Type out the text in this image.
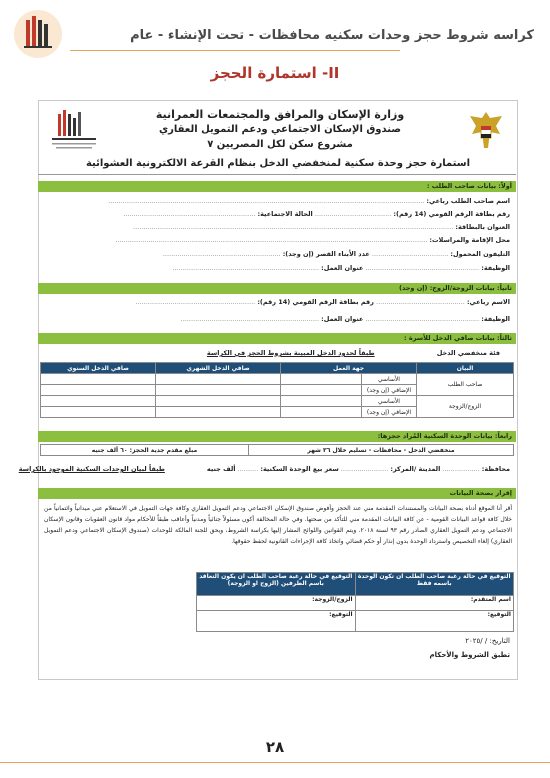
كراسه شروط حجز وحدات سكنيه محافظات - تحت الإنشاء - عام
II- استمارة الحجز
وزارة الإسكان والمرافق والمجتمعات العمرانية
صندوق الإسكان الاجتماعي ودعم التمويل العقاري
مشروع سكن لكل المصريين ٧
استمارة حجز وحدة سكنية لمنخفضي الدخل بنظام القرعة الالكترونية العشوائية
أولاً: بيانات صاحب الطلب :
اسم صاحب الطلب رباعي: .........................................................................................................................................................
رقم بطاقة الرقم القومي (14 رقم): ..................................... الحالة الاجتماعية: ................................................................
العنوان بالبطاقة: ...........................................................................................................................................................
محل الإقامة والمراسلات: .......................................................................................................................................................
التليفون المحمول: ..................................... عدد الأبناء القصر (إن وجد): .........................................................
الوظيفة: ....................................................... عنوان العمل: .......................................................................
ثانياً: بيانات الزوجة/الزوج: (إن وجد)
الاسم رباعي: ........................................... رقم بطاقة الرقم القومي (14 رقم): ..........................................................
الوظيفة: ....................................................... عنوان العمل: ...................................................................
ثالثاً: بيانات صافي الدخل للأسرة :
فئة منخفضي الدخل طبقاً لحدود الدخل المبينة بشروط الحجز في الكراسة
البيان	جهة العمل		صافي الدخل الشهري	صافي الدخل السنوي
صاحب الطلب	الأساسي			
	الإضافي (إن وجد)			
الزوج/الزوجة	الأساسي			
	الإضافي (إن وجد)			
رابعاً: بيانات الوحدة السكنية المُراد حجزها:
منخفضي الدخل - محافظات - تسليم خلال ٣٦ شهر	مبلغ مقدم جدية الحجز: ٦٠ ألف جنيه
محافظة: .................. المدينة /المركز: ....................... سعر بيع الوحدة السكنية: .......... ألف جنيه طبقاً لبيان الوحدات السكنية الموجود بالكراسة
إقرار بصحة البيانات
أقر أنا الموقع أدناه بصحة البيانات والمستندات المقدمة مني عند الحجز وأفوض صندوق الإسكان الاجتماعي ودعم التمويل العقاري وكافة جهات التمويل في الاستعلام عني ميدانياً وائتمانياً من خلال كافة قواعد البيانات القومية - عن كافة البيانات المقدمة مني للتأكد من صحتها. وفي حالة المخالفة أكون مسئولاً جنائياً ومدنياً وأعاقب طبقاً للأحكام مواد قانون العقوبات وقانون الإسكان الاجتماعي ودعم التمويل العقاري الصادر رقم ٩٣ لسنة ٢٠١٨. ويتم القوانين واللوائح المشار إليها بكراسة الشروط، ويحق للجنة المالكة للوحدات (صندوق الإسكان الاجتماعي ودعم التمويل العقاري) إلغاء التخصيص واسترداد الوحدة بدون إنذار أو حكم قضائي واتخاذ كافة الإجراءات القانونية لحفظ حقوقها.
التوقيع في حالة رغبة صاحب الطلب ان تكون الوحدة باسمه فقط	التوقيع في حالة رغبة صاحب الطلب ان يكون التعاقد باسم الطرفين (الزوج او الزوجة)
اسم المتقدم:	الزوج/الزوجة:
التوقيع:	التوقيع:
التاريخ: / /٢٠٢٥
تطبق الشروط والأحكام
٢٨
